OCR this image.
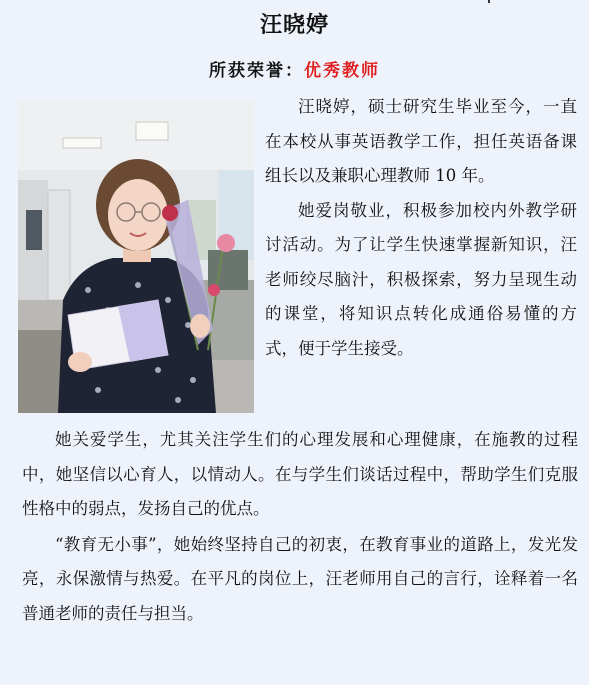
汪晓婷
所获荣誉：优秀教师

汪晓婷，硕士研究生毕业至今，一直在本校从事英语教学工作，担任英语备课组长以及兼职心理教师 10 年。

她爱岗敬业，积极参加校内外教学研讨活动。为了让学生快速掌握新知识，汪老师绞尽脑汁，积极探索，努力呈现生动的课堂，将知识点转化成通俗易懂的方式，便于学生接受。

她关爱学生，尤其关注学生们的心理发展和心理健康，在施教的过程中，她坚信以心育人，以情动人。在与学生们谈话过程中，帮助学生们克服性格中的弱点，发扬自己的优点。

“教育无小事”，她始终坚持自己的初衷，在教育事业的道路上，发光发亮，永保激情与热爱。在平凡的岗位上，汪老师用自己的言行，诠释着一名普通老师的责任与担当。
